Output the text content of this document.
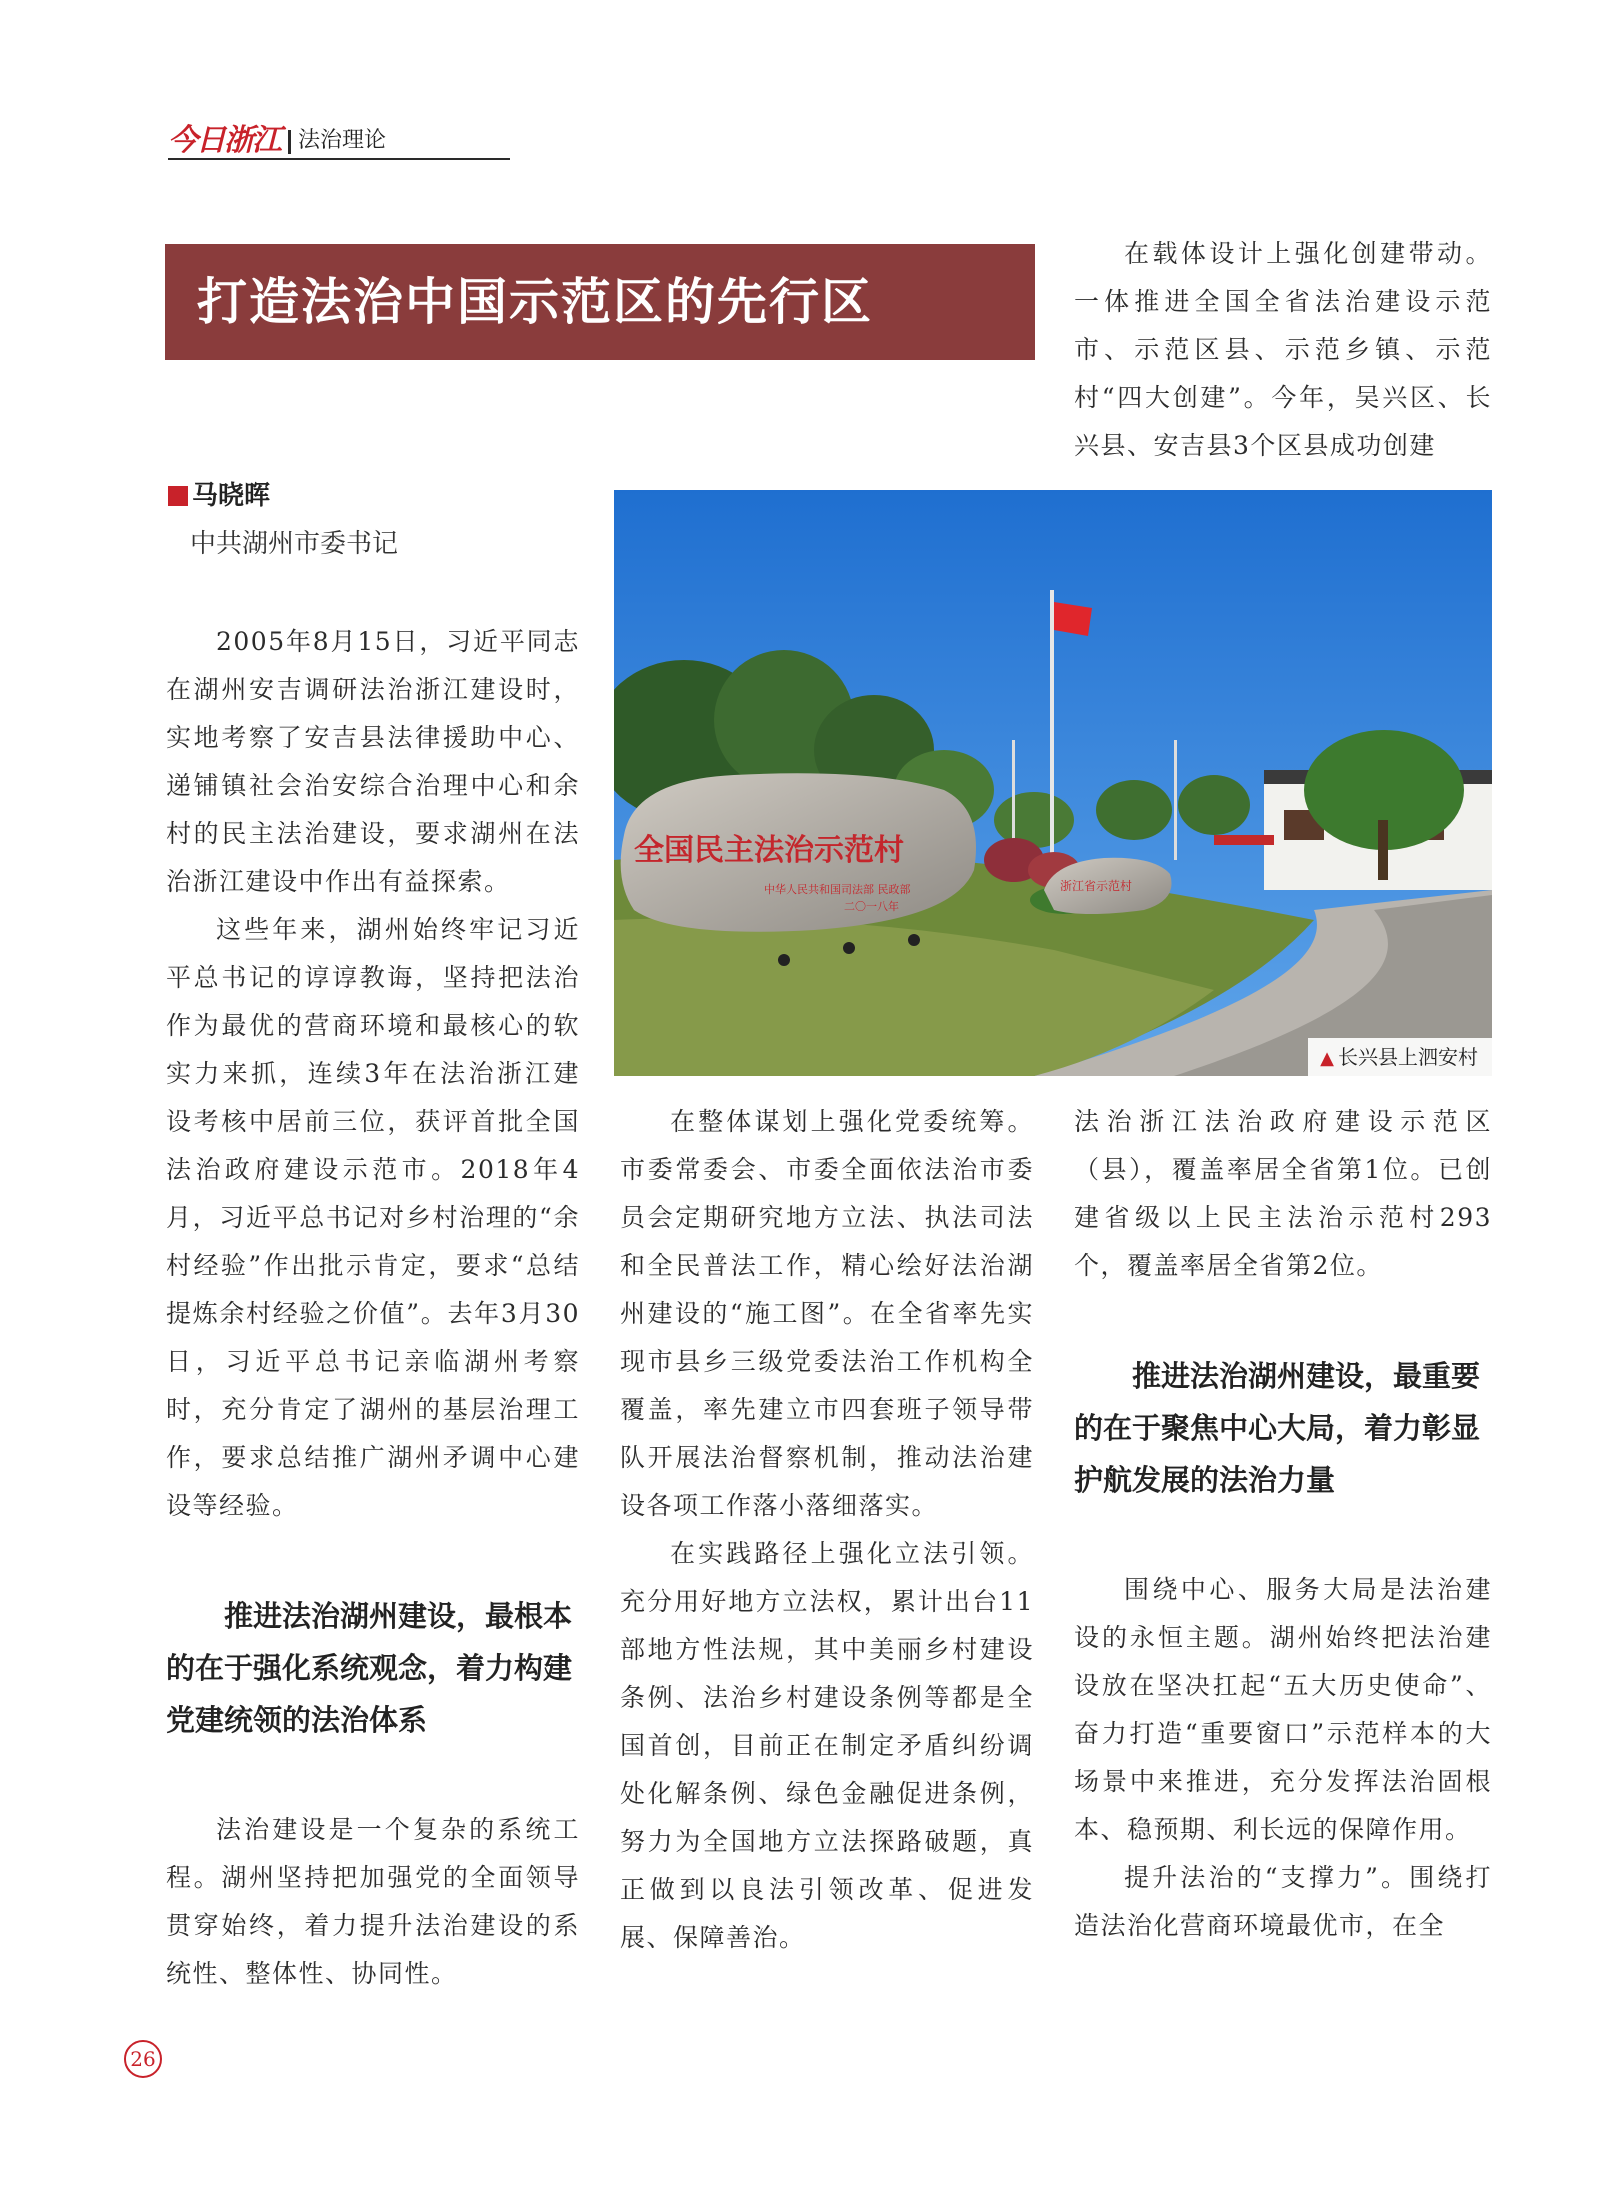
今日浙江 法治理论
打造法治中国示范区的先行区
马晓晖
中共湖州市委书记

2005年8月15日，习近平同志在湖州安吉调研法治浙江建设时，实地考察了安吉县法律援助中心、递铺镇社会治安综合治理中心和余村的民主法治建设，要求湖州在法治浙江建设中作出有益探索。

这些年来，湖州始终牢记习近平总书记的谆谆教诲，坚持把法治作为最优的营商环境和最核心的软实力来抓，连续3年在法治浙江建设考核中居前三位，获评首批全国法治政府建设示范市。2018年4月，习近平总书记对乡村治理的“余村经验”作出批示肯定，要求“总结提炼余村经验之价值”。去年3月30日，习近平总书记亲临湖州考察时，充分肯定了湖州的基层治理工作，要求总结推广湖州矛调中心建设等经验。

推进法治湖州建设，最根本的在于强化系统观念，着力构建党建统领的法治体系

法治建设是一个复杂的系统工程。湖州坚持把加强党的全面领导贯穿始终，着力提升法治建设的系统性、整体性、协同性。

全国民主法治示范村
中华人民共和国司法部 民政部
二〇一八年
浙江省示范村
▲ 长兴县上泗安村

在整体谋划上强化党委统筹。市委常委会、市委全面依法治市委员会定期研究地方立法、执法司法和全民普法工作，精心绘好法治湖州建设的“施工图”。在全省率先实现市县乡三级党委法治工作机构全覆盖，率先建立市四套班子领导带队开展法治督察机制，推动法治建设各项工作落小落细落实。

在实践路径上强化立法引领。充分用好地方立法权，累计出台11部地方性法规，其中美丽乡村建设条例、法治乡村建设条例等都是全国首创，目前正在制定矛盾纠纷调处化解条例、绿色金融促进条例，努力为全国地方立法探路破题，真正做到以良法引领改革、促进发展、保障善治。

在载体设计上强化创建带动。一体推进全国全省法治建设示范市、示范区县、示范乡镇、示范村“四大创建”。今年，吴兴区、长兴县、安吉县3个区县成功创建

法治浙江法治政府建设示范区（县），覆盖率居全省第1位。已创建省级以上民主法治示范村293个，覆盖率居全省第2位。

推进法治湖州建设，最重要的在于聚焦中心大局，着力彰显护航发展的法治力量

围绕中心、服务大局是法治建设的永恒主题。湖州始终把法治建设放在坚决扛起“五大历史使命”、奋力打造“重要窗口”示范样本的大场景中来推进，充分发挥法治固根本、稳预期、利长远的保障作用。

提升法治的“支撑力”。围绕打造法治化营商环境最优市，在全

26
